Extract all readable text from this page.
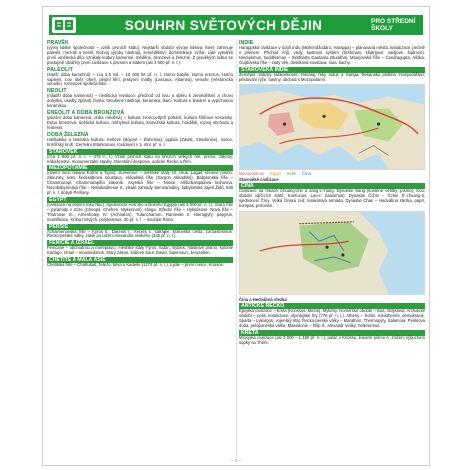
SOUHRN SVĚTOVÝCH DĚJIN	PRO STŘEDNÍ
ŠKOLY
PRAVĚK
(vývoj lidské společnosti – vznik prvních státu). Nejstarší období vývoje lidstva, které zahrnuje paleolit, mezolit a neolit. Rozvoj výroby nástrojů, zemědělství, domestikace zvířat. Lidé vytvářeli první umělecká díla, vznikaly kultury kamenné, měděné, bronzové a železné. Z pravěkých kultur se postupně utvářely první civilizace s písmem a státem (asi 3 500 př. n. l.).
PALEOLIT
(starší doba kamenná) – cca 2,5 mil. – 10 000 let př. n. l. Homo habilis, Homo erectus, Homo sapiens. Lov, sběr, oheň, pěstní klín, jeskynní malby (Lascaux, Altamira), venuše (Věstonická venuše). Kmenové společenství.
NEOLIT
(mladší doba kamenná) – neolitická revoluce: přechod od lovu a sběru k zemědělství a chovu dobytka, usedlý způsob života, broušené nástroje, keramika, tkaní. Kultura s lineární a vypíchanou keramikou.
ENEOLIT A DOBA BRONZOVÁ
(pozdní doba kamenná, doba měděná) – kultura zvoncovitých pohárů, kultura šňůrové keramiky. Doba bronzová: únětická kultura, mohylová kultura, knovízská kultura, hradiště, rozvoj obchodu a řemesel.
DOBA ŽELEZNÁ
Halštatská a laténská kultura, Keltové (Bójové – Bohemia), oppida (Závist, Stradonice), mince, hrnčířský kruh. Germáni (Markomani, Kvádové) v 1. stol. př. n. l.
STAROVĚK
(cca 3 500 př. n. l. – 476 n. l.) Vznik prvních státu na březích velkých řek, písmo, zákony, náboženství, monumentální stavby. Orientální despocie, antické Řecko a Řím.
MEZOPOTÁMIE
(území mezi řekami Eufrat a Tigris). Sumerové – městské státy Ur, Uruk, Lagaš; klínové písmo, zikkuraty, kolo, šedesátková soustava. Akkadská říše (Sargon Akkadský). Babylonská říše – Chammurapi, Chammurapiho zákoník. Asyrská říše – Ninive, Aššurbanipalova knihovna. Novobabylonská říše – Nebukadnesar II., visuté zahrady Semiramidiny, babylonské zajetí Židů. 539 př. n. l. dobytí Peršany.
EGYPT
(civilizace na dolním toku Nilu). Sjednocení Horního a Dolního Egypta (asi 3 000 př. n. l.). Stará říše – pyramidy v Gíze (Cheops, Chefren, Mykerinos), sfinga. Střední říše – Hyksósové. Nová říše – Thutmose III., Amenhotep IV. (Achnaton), Tutanchamon, Ramesse II. Hieroglyfy, papyrus, mumifikace, Kniha mrtvých, polyteismus. 30 př. n. l. – součást Říma.
PERSIE
Achaimenovská říše – Kýros II., Dareios I., Xerxés I.; satrapie, královská cesta, zoroastrismus. Řecko-perské války, zánik po tažení Alexandra Velikého (330 př. n. l.).
FÉNICIE A IZRAEL
Féničané – obchodníci a mořeplavci, městské státy Týros, Sidón, Byblos; hláskové písmo, kolonie Kartágo. Izrael – monoteismus, Starý zákon, králové Saul, David, Šalomoun, Jeruzalém.
CHETITÉ A MALÁ ASIE
Chetitská říše – Chattušaš, železo, bitva u Kadeše (1274 př. n. l.). Lýdie – první mince, Kroisos.
INDIE
Harappská civilizace v údolí Indu (Mohendžodáro, Harappa) – plánovaná města, kanalizace, pečetě s písmem. Příchod Árjů, védy, kastovní systém (bráhmani, kšatrijové, vaišjové, šúdrové). Hinduismus, buddhismus – Siddhárta Gautama (Buddha). Maurjovská říše – Čandragupta, Ašóka. Guptovská říše – zlatý věk, desítková soustava, nula, šachy.
STAROVĚKÁ INDIE
Zeměpis: Indický subkontinent, Himálaj, řeky Indus a Ganga, Dekánská plošina. Hospodářství: pěstování rýže, bavlny, obchod s Mezopotámií.
Mezopotámie Egypt Indie Čína
Starověké civilizace
ČÍNA
Civilizace na řekách Chuang-che a Jang-c’-ťiang. Dynastie Šang (kostěné věštby, písmo), Čou, období válčících států; Konfucius, Lao-c’ (taoismus). Dynastie Čchin – Čchin Š’-chuang-ti, sjednocení Číny, Velká čínská zeď, terakotová armáda. Dynastie Chan – Hedvábná stezka, papír, kompas, porcelán.
Čína a Hedvábná stezka
ANTICKÉ ŘECKO
Egejská civilizace – Kréta (Knóssos, Minós), Mykény. Homérské období – Ilias, Odysseia. Archaické období – polis, kolonizace, olympijské hry (776 př. n. l.). Athény – Solón, Kleisthenés, demokracie. Sparta – Lykúrgos, vojenský stát. Řecko-perské války – Marathón, Thermopyly, Salamína. Periklova doba, peloponéská válka. Makedonie – Filip II., Alexandr Veliký, helénismus.
KRÉTA
Mínojská civilizace (asi 3 000 – 1 450 př. n. l.), palác v Knóssu, lineární písmo A, zničení výbuchem sopky na Théře.
– 1 –
